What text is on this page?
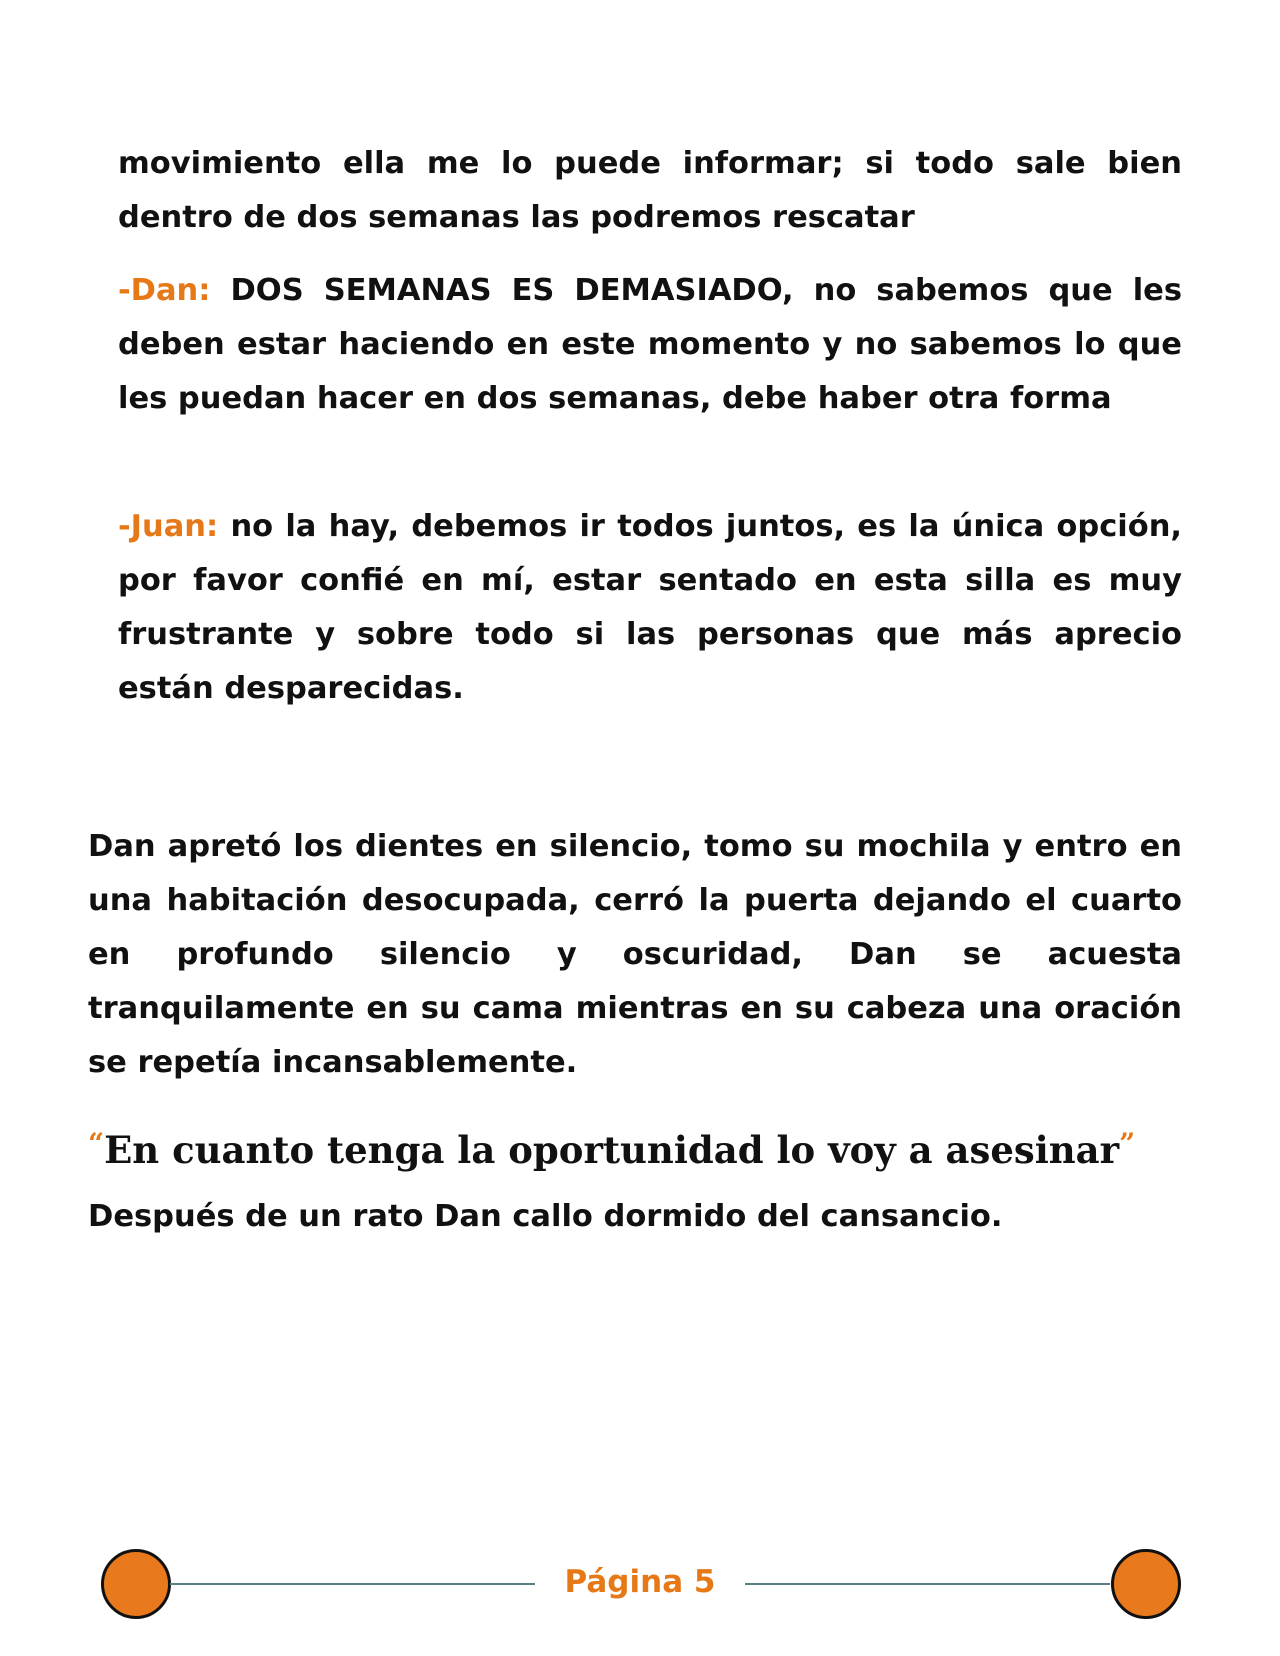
movimiento ella me lo puede informar; si todo sale bien dentro de dos semanas las podremos rescatar

-Dan: DOS SEMANAS ES DEMASIADO, no sabemos que les deben estar haciendo en este momento y no sabemos lo que les puedan hacer en dos semanas, debe haber otra forma

-Juan: no la hay, debemos ir todos juntos, es la única opción, por favor confié en mí, estar sentado en esta silla es muy frustrante y sobre todo si las personas que más aprecio están desparecidas.

Dan apretó los dientes en silencio, tomo su mochila y entro en una habitación desocupada, cerró la puerta dejando el cuarto en profundo silencio y oscuridad, Dan se acuesta tranquilamente en su cama mientras en su cabeza una oración se repetía incansablemente.

“En cuanto tenga la oportunidad lo voy a asesinar”

Después de un rato Dan callo dormido del cansancio.

Página 5
